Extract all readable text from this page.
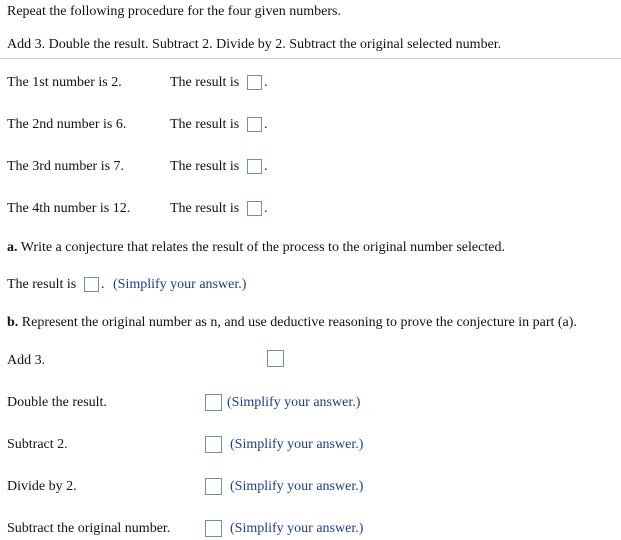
Repeat the following procedure for the four given numbers.
Add 3. Double the result. Subtract 2. Divide by 2. Subtract the original selected number.
The 1st number is 2.	The result is .
The 2nd number is 6.	The result is .
The 3rd number is 7.	The result is .
The 4th number is 12.	The result is .
a. Write a conjecture that relates the result of the process to the original number selected.
The result is . (Simplify your answer.)
b. Represent the original number as n, and use deductive reasoning to prove the conjecture in part (a).
Add 3.
Double the result.	(Simplify your answer.)
Subtract 2.	(Simplify your answer.)
Divide by 2.	(Simplify your answer.)
Subtract the original number.	(Simplify your answer.)
